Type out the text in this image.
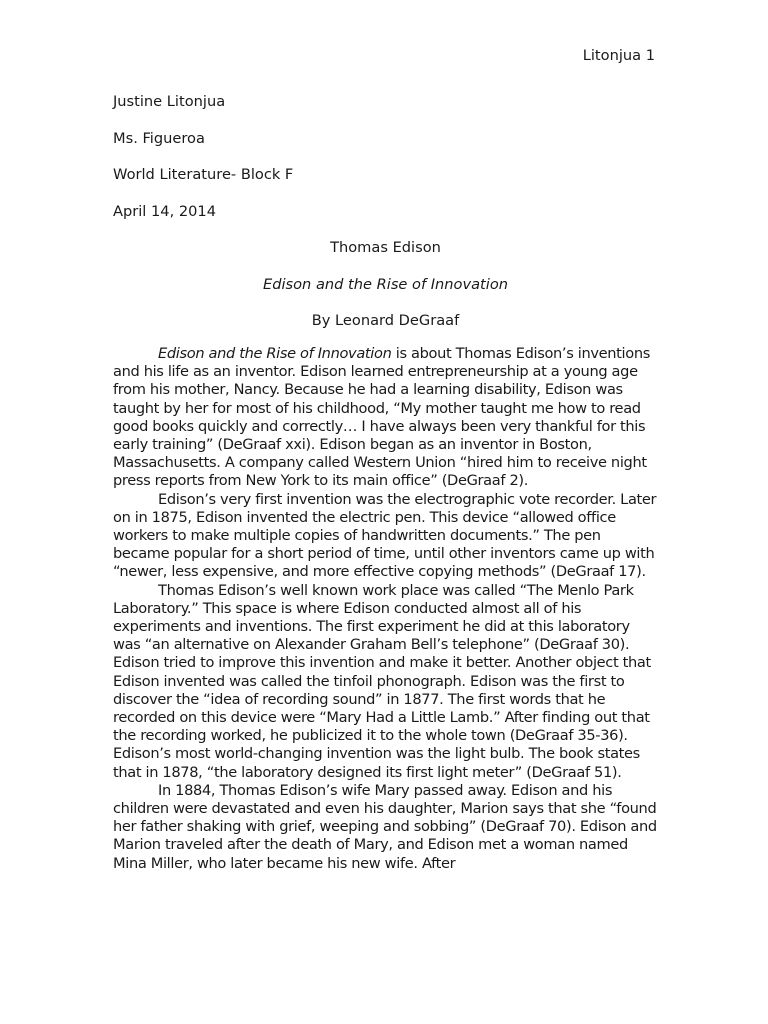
Litonjua 1
Justine Litonjua
Ms. Figueroa
World Literature- Block F
April 14, 2014
Thomas Edison
Edison and the Rise of Innovation
By Leonard DeGraaf

Edison and the Rise of Innovation is about Thomas Edison’s inventions and his life as an inventor. Edison learned entrepreneurship at a young age from his mother, Nancy. Because he had a learning disability, Edison was taught by her for most of his childhood, “My mother taught me how to read good books quickly and correctly… I have always been very thankful for this early training” (DeGraaf xxi). Edison began as an inventor in Boston, Massachusetts. A company called Western Union “hired him to receive night press reports from New York to its main office” (DeGraaf 2).

Edison’s very first invention was the electrographic vote recorder. Later on in 1875, Edison invented the electric pen. This device “allowed office workers to make multiple copies of handwritten documents.” The pen became popular for a short period of time, until other inventors came up with “newer, less expensive, and more effective copying methods” (DeGraaf 17).

Thomas Edison’s well known work place was called “The Menlo Park Laboratory.” This space is where Edison conducted almost all of his experiments and inventions. The first experiment he did at this laboratory was “an alternative on Alexander Graham Bell’s telephone” (DeGraaf 30). Edison tried to improve this invention and make it better. Another object that Edison invented was called the tinfoil phonograph. Edison was the first to discover the “idea of recording sound” in 1877. The first words that he recorded on this device were “Mary Had a Little Lamb.” After finding out that the recording worked, he publicized it to the whole town (DeGraaf 35-36). Edison’s most world-changing invention was the light bulb. The book states that in 1878, “the laboratory designed its first light meter” (DeGraaf 51).

In 1884, Thomas Edison’s wife Mary passed away. Edison and his children were devastated and even his daughter, Marion says that she “found her father shaking with grief, weeping and sobbing” (DeGraaf 70). Edison and Marion traveled after the death of Mary, and Edison met a woman named Mina Miller, who later became his new wife. After
